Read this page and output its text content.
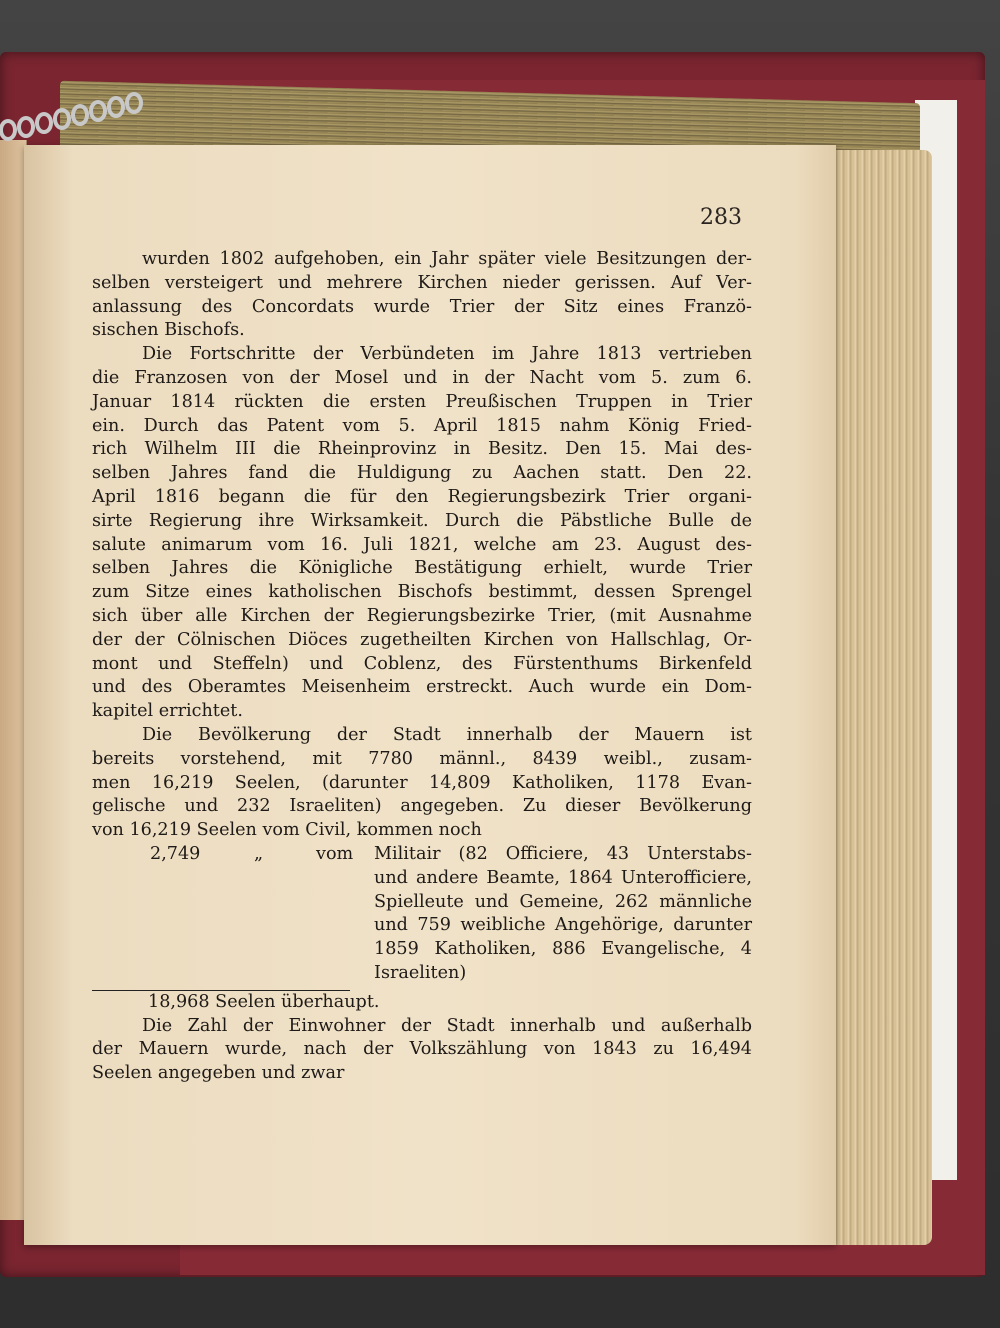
283
wurden 1802 aufgehoben, ein Jahr später viele Besitzungen der-
selben versteigert und mehrere Kirchen nieder gerissen. Auf Ver-
anlassung des Concordats wurde Trier der Sitz eines Franzö-
sischen Bischofs.
Die Fortschritte der Verbündeten im Jahre 1813 vertrieben
die Franzosen von der Mosel und in der Nacht vom 5. zum 6.
Januar 1814 rückten die ersten Preußischen Truppen in Trier
ein. Durch das Patent vom 5. April 1815 nahm König Fried-
rich Wilhelm III die Rheinprovinz in Besitz. Den 15. Mai des-
selben Jahres fand die Huldigung zu Aachen statt. Den 22.
April 1816 begann die für den Regierungsbezirk Trier organi-
sirte Regierung ihre Wirksamkeit. Durch die Päbstliche Bulle de
salute animarum vom 16. Juli 1821, welche am 23. August des-
selben Jahres die Königliche Bestätigung erhielt, wurde Trier
zum Sitze eines katholischen Bischofs bestimmt, dessen Sprengel
sich über alle Kirchen der Regierungsbezirke Trier, (mit Ausnahme
der der Cölnischen Diöces zugetheilten Kirchen von Hallschlag, Or-
mont und Steffeln) und Coblenz, des Fürstenthums Birkenfeld
und des Oberamtes Meisenheim erstreckt. Auch wurde ein Dom-
kapitel errichtet.
Die Bevölkerung der Stadt innerhalb der Mauern ist
bereits vorstehend, mit 7780 männl., 8439 weibl., zusam-
men 16,219 Seelen, (darunter 14,809 Katholiken, 1178 Evan-
gelische und 232 Israeliten) angegeben. Zu dieser Bevölkerung
von 16,219 Seelen vom Civil, kommen noch
2,749	„	vom	Militair (82 Officiere, 43 Unterstabs-
und andere Beamte, 1864 Unterofficiere,
Spielleute und Gemeine, 262 männliche
und 759 weibliche Angehörige, darunter
1859 Katholiken, 886 Evangelische, 4
Israeliten)
18,968 Seelen überhaupt.
Die Zahl der Einwohner der Stadt innerhalb und außerhalb
der Mauern wurde, nach der Volkszählung von 1843 zu 16,494
Seelen angegeben und zwar
